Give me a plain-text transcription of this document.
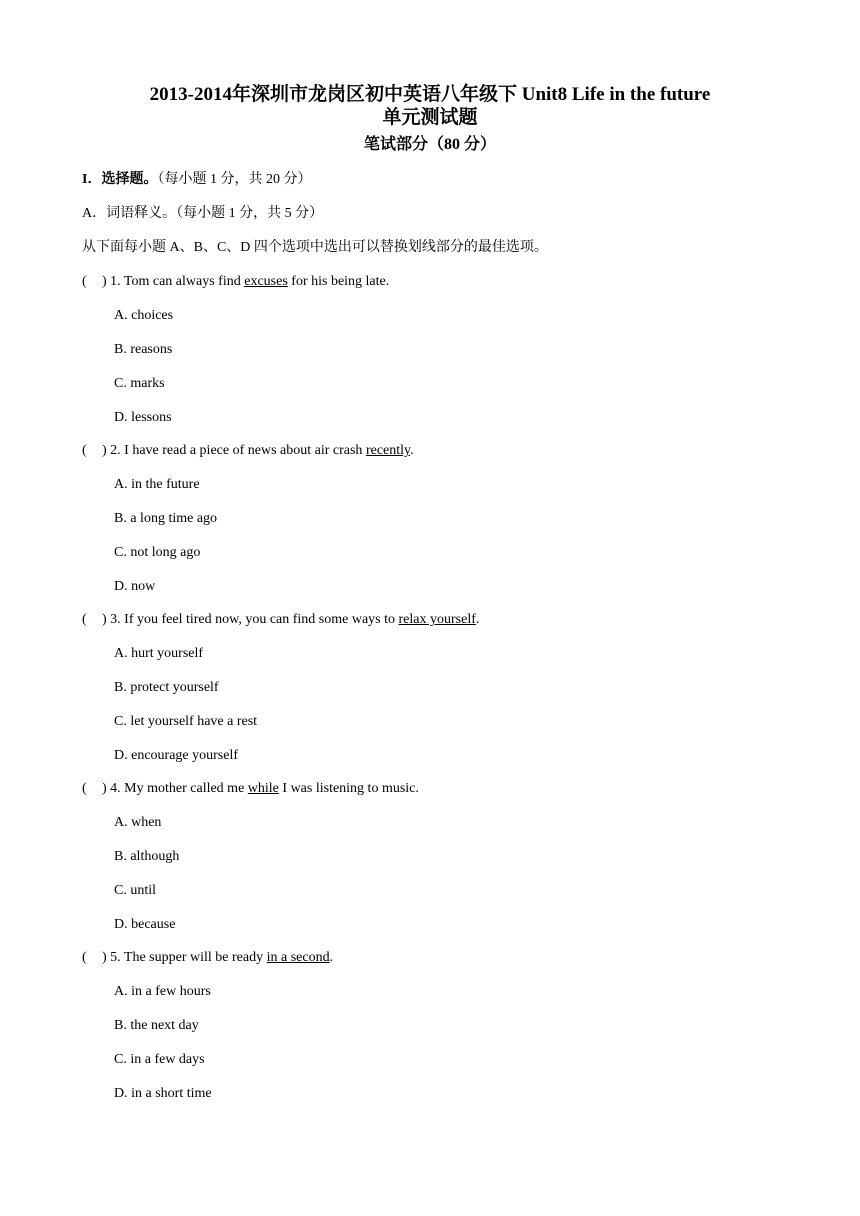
2013-2014年深圳市龙岗区初中英语八年级下 Unit8 Life in the future
单元测试题
笔试部分（80 分）
I．选择题。（每小题 1 分，共 20 分）
A．词语释义。（每小题 1 分，共 5 分）
从下面每小题 A、B、C、D 四个选项中选出可以替换划线部分的最佳选项。
( ) 1. Tom can always find excuses for his being late.
A. choices
B. reasons
C. marks
D. lessons
( ) 2. I have read a piece of news about air crash recently.
A. in the future
B. a long time ago
C. not long ago
D. now
( ) 3. If you feel tired now, you can find some ways to relax yourself.
A. hurt yourself
B. protect yourself
C. let yourself have a rest
D. encourage yourself
( ) 4. My mother called me while I was listening to music.
A. when
B. although
C. until
D. because
( ) 5. The supper will be ready in a second.
A. in a few hours
B. the next day
C. in a few days
D. in a short time
